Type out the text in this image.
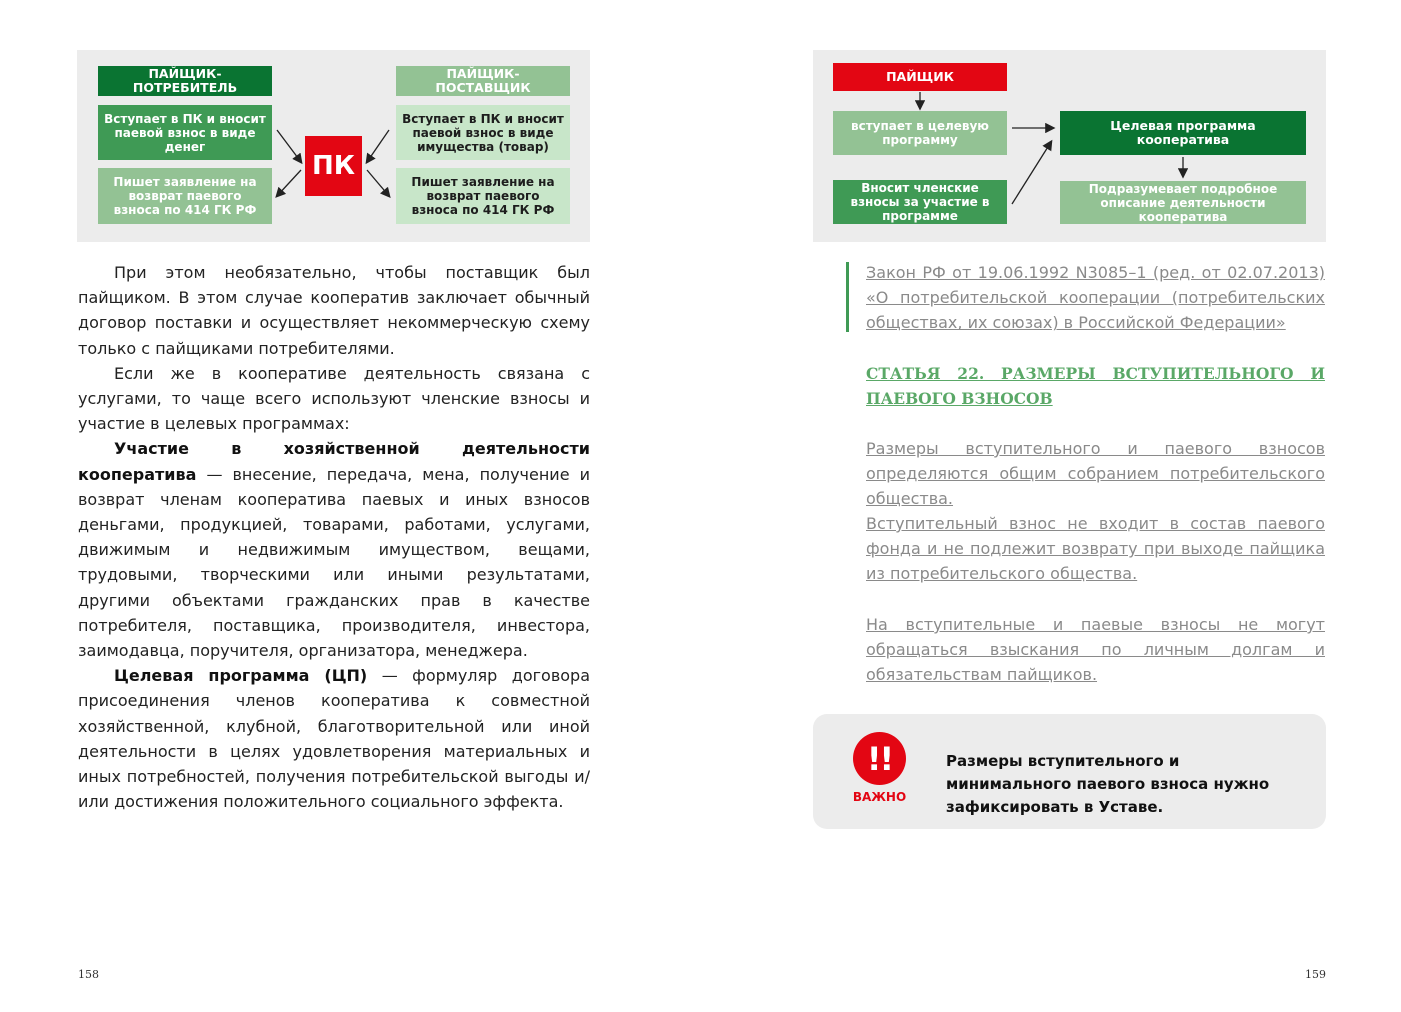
ПАЙЩИК-ПОТРЕБИТЕЛЬ
Вступает в ПК и вносит паевой взнос в виде денег
Пишет заявление на возврат паевого взноса по 414 ГК РФ
ПК
ПАЙЩИК-ПОСТАВЩИК
Вступает в ПК и вносит паевой взнос в виде имущества (товар)
Пишет заявление на возврат паевого взноса по 414 ГК РФ

При этом необязательно, чтобы поставщик был пайщиком. В этом случае кооператив заключает обычный договор поставки и осуществляет некоммерческую схему только с пайщиками потребителями.

Если же в кооперативе деятельность связана с услугами, то чаще всего используют членские взносы и участие в целевых программах:

Участие в хозяйственной деятельности кооператива — внесение, передача, мена, получение и возврат членам кооператива паевых и иных взносов деньгами, продукцией, товарами, работами, услугами, движимым и недвижимым имуществом, вещами, трудовыми, творческими или иными результатами, другими объектами гражданских прав в качестве потребителя, поставщика, производителя, инвестора, заимодавца, поручителя, организатора, менеджера.

Целевая программа (ЦП) — формуляр договора присоединения членов кооператива к совместной хозяйственной, клубной, благотворительной или иной деятельности в целях удовлетворения материальных и иных потребностей, получения потребительской выгоды и/или достижения положительного социального эффекта.

158
ПАЙЩИК
вступает в целевую программу
Вносит членские взносы за участие в программе
Целевая программа кооператива
Подразумевает подробное описание деятельности кооператива

Закон РФ от 19.06.1992 N3085–1 (ред. от 02.07.2013) «О потребительской кооперации (потребительских обществах, их союзах) в Российской Федерации»

СТАТЬЯ 22. РАЗМЕРЫ ВСТУПИТЕЛЬНОГО И ПАЕВОГО ВЗНОСОВ

Размеры вступительного и паевого взносов определяются общим собранием потребительского общества.

Вступительный взнос не входит в состав паевого фонда и не подлежит возврату при выходе пайщика из потребительского общества.

На вступительные и паевые взносы не могут обращаться взыскания по личным долгам и обязательствам пайщиков.

!!
ВАЖНО
Размеры вступительного и минимального паевого взноса нужно зафиксировать в Уставе.
159
